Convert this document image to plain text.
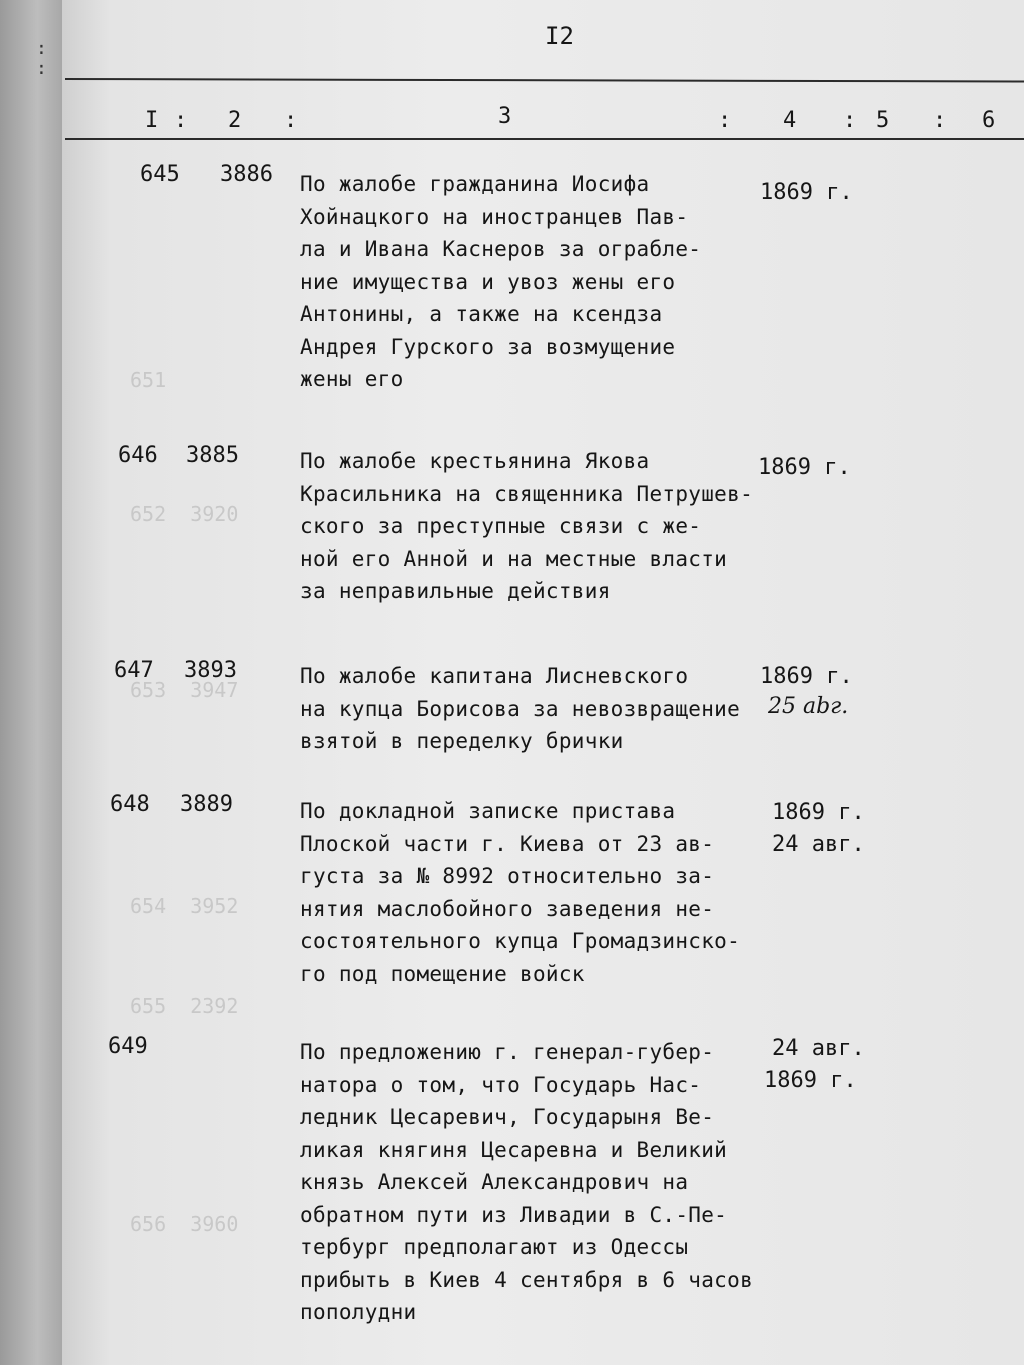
:
:
651
652  3920
653  3947
654  3952
655  2392
656  3960
I2
I : 2 :	3	: 4 : 5 : 6
645 3886 По жалобе гражданина Иосифа
Хойнацкого на иностранцев Пав-
ла и Ивана Каснеров за ограбле-
ние имущества и увоз жены его
Антонины, а также на ксендза
Андрея Гурского за возмущение
жены его
1869 г.
646 3885	По жалобе крестьянина Якова
Красильника на священника Петрушев-
ского за преступные связи с же-
ной его Анной и на местные власти
за неправильные действия
1869 г.
647 3893	По жалобе капитана Лисневского
на купца Борисова за невозвращение
взятой в переделку брички
1869 г.
25 abг.
648 3889	По докладной записке пристава
Плоской части г. Киева от 23 ав-
густа за № 8992 относительно за-
нятия маслобойного заведения не-
состоятельного купца Громадзинско-
го под помещение войск
1869 г.
24 авг.
649	По предложению г. генерал-губер-
натора о том, что Государь Нас-
ледник Цесаревич, Государыня Ве-
ликая княгиня Цесаревна и Великий
князь Алексей Александрович на
обратном пути из Ливадии в С.-Пе-
тербург предполагают из Одессы
прибыть в Киев 4 сентября в 6 часов
пополудни
24 авг.
1869 г.
